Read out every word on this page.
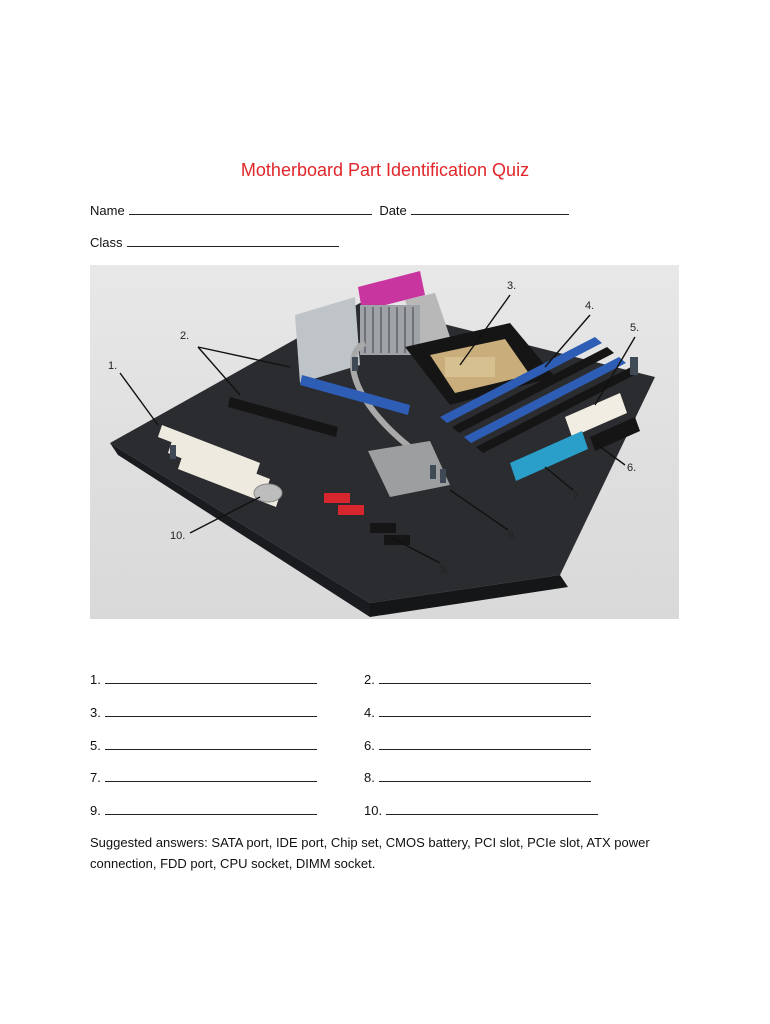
Motherboard Part Identification Quiz
Name	Date
Class
1.
2.
3.
4.
5.
6.
7.
8.
9.
10.
1.	2.
3.	4.
5.	6.
7.	8.
9.	10.
Suggested answers: SATA port, IDE port, Chip set, CMOS battery, PCI slot, PCIe slot, ATX power connection, FDD port, CPU socket, DIMM socket.
